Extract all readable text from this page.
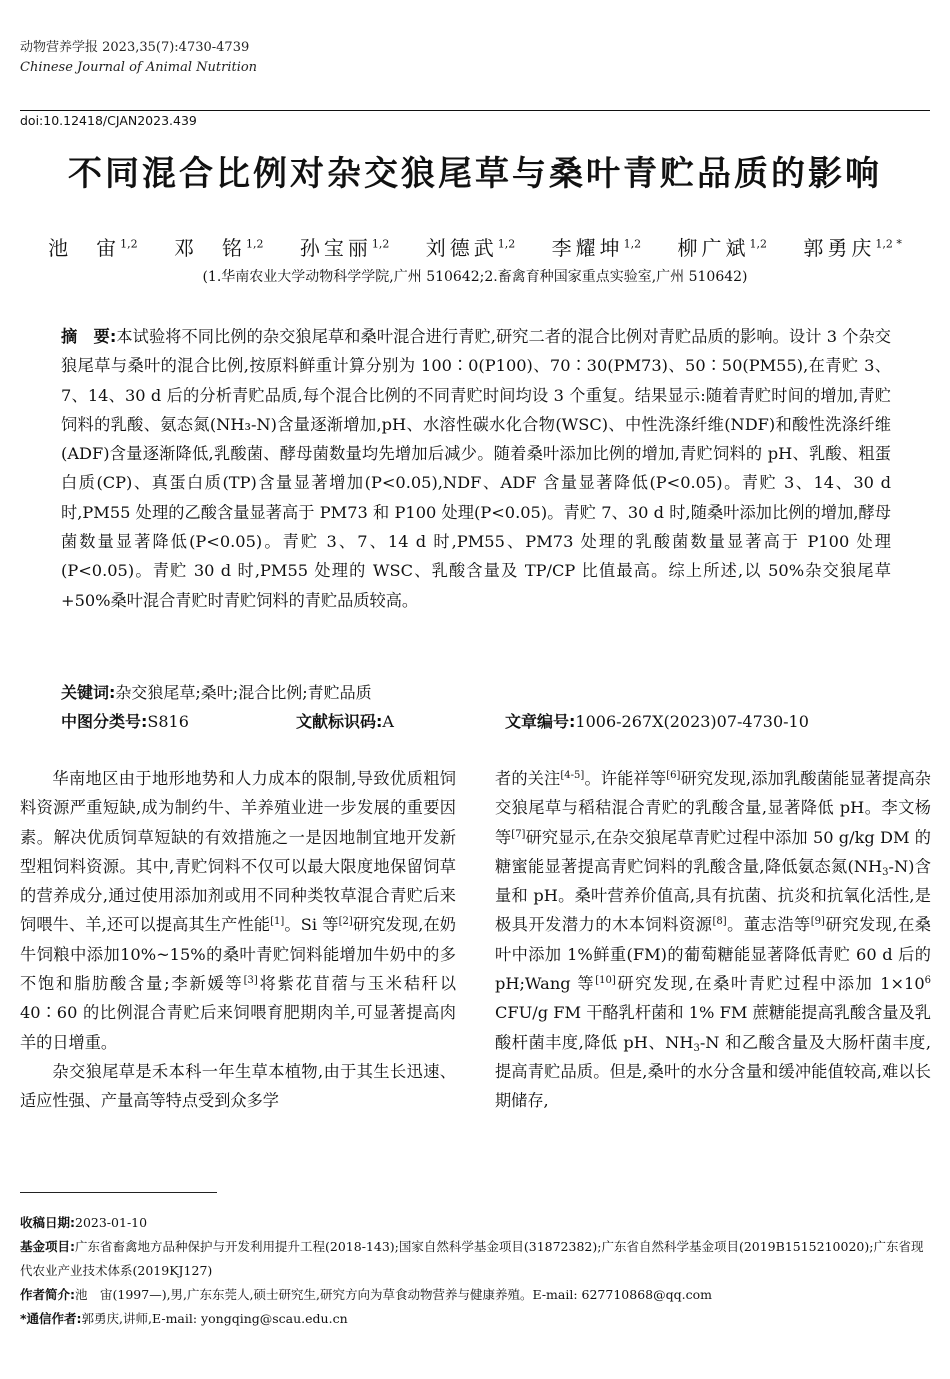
动物营养学报 2023,35(7):4730-4739
Chinese Journal of Animal Nutrition
doi:10.12418/CJAN2023.439
不同混合比例对杂交狼尾草与桑叶青贮品质的影响
池　宙$^{1,2}$ 邓　铭$^{1,2}$ 孙宝丽$^{1,2}$ 刘德武$^{1,2}$ 李耀坤$^{1,2}$ 柳广斌$^{1,2}$ 郭勇庆$^{1,2 *}$
(1.华南农业大学动物科学学院,广州 510642;2.畜禽育种国家重点实验室,广州 510642)
摘　要:本试验将不同比例的杂交狼尾草和桑叶混合进行青贮,研究二者的混合比例对青贮品质的影响。设计 3 个杂交狼尾草与桑叶的混合比例,按原料鲜重计算分别为 100∶0(P100)、70∶30(PM73)、50∶50(PM55),在青贮 3、7、14、30 d 后的分析青贮品质,每个混合比例的不同青贮时间均设 3 个重复。结果显示:随着青贮时间的增加,青贮饲料的乳酸、氨态氮(NH₃-N)含量逐渐增加,pH、水溶性碳水化合物(WSC)、中性洗涤纤维(NDF)和酸性洗涤纤维(ADF)含量逐渐降低,乳酸菌、酵母菌数量均先增加后减少。随着桑叶添加比例的增加,青贮饲料的 pH、乳酸、粗蛋白质(CP)、真蛋白质(TP)含量显著增加(P<0.05),NDF、ADF 含量显著降低(P<0.05)。青贮 3、14、30 d 时,PM55 处理的乙酸含量显著高于 PM73 和 P100 处理(P<0.05)。青贮 7、30 d 时,随桑叶添加比例的增加,酵母菌数量显著降低(P<0.05)。青贮 3、7、14 d 时,PM55、PM73 处理的乳酸菌数量显著高于 P100 处理(P<0.05)。青贮 30 d 时,PM55 处理的 WSC、乳酸含量及 TP/CP 比值最高。综上所述,以 50%杂交狼尾草+50%桑叶混合青贮时青贮饲料的青贮品质较高。
关键词:杂交狼尾草;桑叶;混合比例;青贮品质
中图分类号:S816	文献标识码:A	文章编号:1006-267X(2023)07-4730-10

华南地区由于地形地势和人力成本的限制,导致优质粗饲料资源严重短缺,成为制约牛、羊养殖业进一步发展的重要因素。解决优质饲草短缺的有效措施之一是因地制宜地开发新型粗饲料资源。其中,青贮饲料不仅可以最大限度地保留饲草的营养成分,通过使用添加剂或用不同种类牧草混合青贮后来饲喂牛、羊,还可以提高其生产性能[1]。Si 等[2]研究发现,在奶牛饲粮中添加10%~15%的桑叶青贮饲料能增加牛奶中的多不饱和脂肪酸含量;李新媛等[3]将紫花苜蓿与玉米秸秆以 40∶60 的比例混合青贮后来饲喂育肥期肉羊,可显著提高肉羊的日增重。

杂交狼尾草是禾本科一年生草本植物,由于其生长迅速、适应性强、产量高等特点受到众多学

者的关注[4-5]。许能祥等[6]研究发现,添加乳酸菌能显著提高杂交狼尾草与稻秸混合青贮的乳酸含量,显著降低 pH。李文杨等[7]研究显示,在杂交狼尾草青贮过程中添加 50 g/kg DM 的糖蜜能显著提高青贮饲料的乳酸含量,降低氨态氮$(NH_3-N)$含量和 pH。桑叶营养价值高,具有抗菌、抗炎和抗氧化活性,是极具开发潜力的木本饲料资源[8]。董志浩等[9]研究发现,在桑叶中添加 1%鲜重(FM)的葡萄糖能显著降低青贮 60 d 后的 pH;Wang 等[10]研究发现,在桑叶青贮过程中添加 1×10$^6$ CFU/g FM 干酪乳杆菌和 1% FM 蔗糖能提高乳酸含量及乳酸杆菌丰度,降低 pH、$NH_3-N$ 和乙酸含量及大肠杆菌丰度,提高青贮品质。但是,桑叶的水分含量和缓冲能值较高,难以长期储存,

收稿日期:2023-01-10

基金项目:广东省畜禽地方品种保护与开发利用提升工程(2018-143);国家自然科学基金项目(31872382);广东省自然科学基金项目(2019B1515210020);广东省现代农业产业技术体系(2019KJ127)

作者简介:池　宙(1997—),男,广东东莞人,硕士研究生,研究方向为草食动物营养与健康养殖。E-mail: 627710868@qq.com

*通信作者:郭勇庆,讲师,E-mail: yongqing@scau.edu.cn
